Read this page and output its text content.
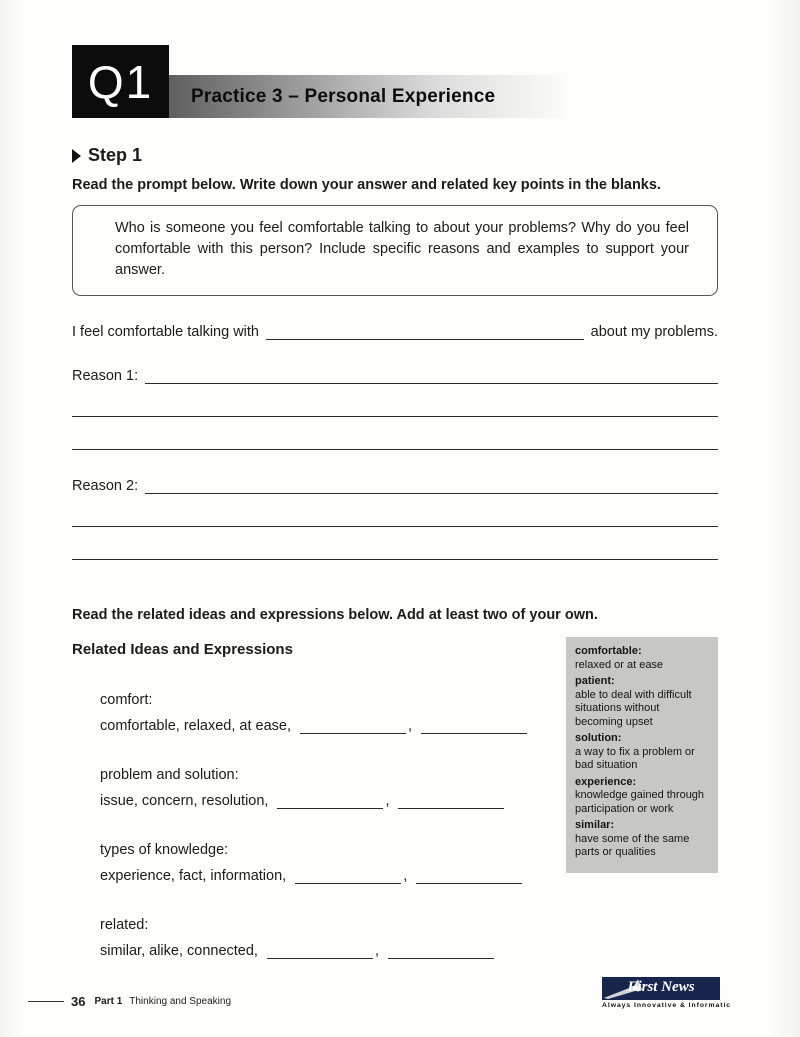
Q1 Practice 3 – Personal Experience
Step 1

Read the prompt below. Write down your answer and related key points in the blanks.

Who is someone you feel comfortable talking to about your problems? Why do you feel comfortable with this person? Include specific reasons and examples to support your answer.

I feel comfortable talking with	about my problems.
Reason 1:
Reason 2:

Read the related ideas and expressions below. Add at least two of your own.

Related Ideas and Expressions
comfort:
comfortable, relaxed, at ease,	,
problem and solution:
issue, concern, resolution,	,
types of knowledge:
experience, fact, information,	,
related:
similar, alike, connected,	,
comfortable:
relaxed or at ease
patient:
able to deal with difficult situations without becoming upset
solution:
a way to fix a problem or bad situation
experience:
knowledge gained through participation or work
similar:
have some of the same parts or qualities
36 Part 1 Thinking and Speaking
First News
Always Innovative & Informatic
